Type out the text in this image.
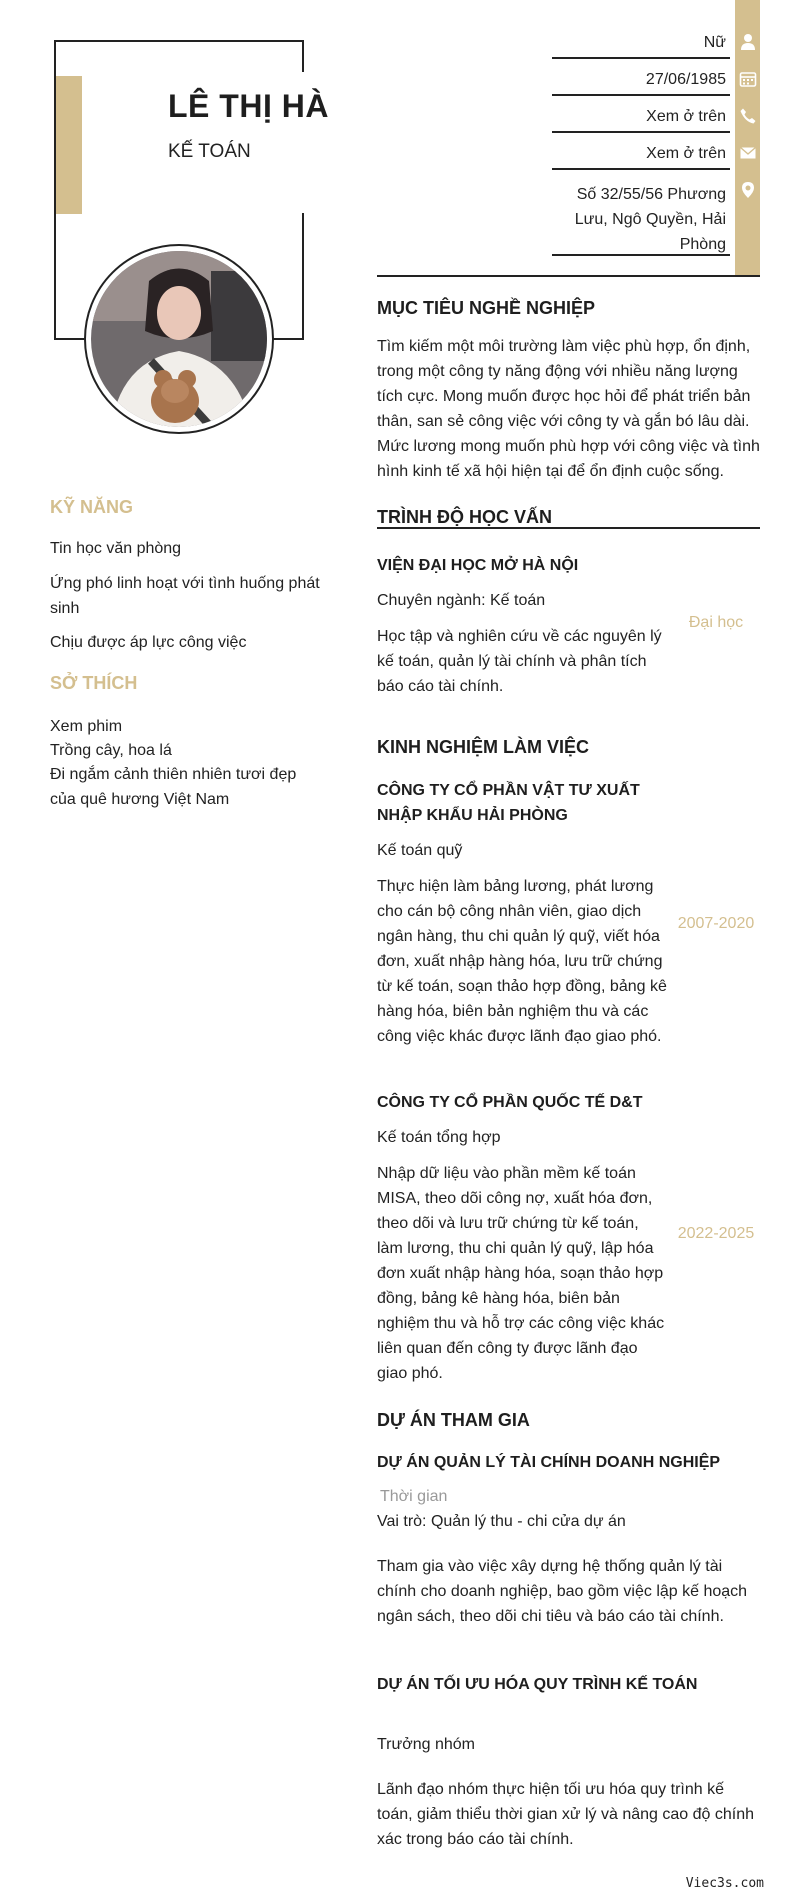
LÊ THỊ HÀ
KẾ TOÁN
Nữ
27/06/1985
Xem ở trên
Xem ở trên
Số 32/55/56 Phương Lưu, Ngô Quyền, Hải Phòng
KỸ NĂNG
Tin học văn phòng
Ứng phó linh hoạt với tình huống phát sinh
Chịu được áp lực công việc
SỞ THÍCH
Xem phim
Trồng cây, hoa lá
Đi ngắm cảnh thiên nhiên tươi đẹp của quê hương Việt Nam
MỤC TIÊU NGHỀ NGHIỆP
Tìm kiếm một môi trường làm việc phù hợp, ổn định, trong một công ty năng động với nhiều năng lượng tích cực. Mong muốn được học hỏi để phát triển bản thân, san sẻ công việc với công ty và gắn bó lâu dài. Mức lương mong muốn phù hợp với công việc và tình hình kinh tế xã hội hiện tại để ổn định cuộc sống.
TRÌNH ĐỘ HỌC VẤN
VIỆN ĐẠI HỌC MỞ HÀ NỘI
Chuyên ngành: Kế toán
Học tập và nghiên cứu về các nguyên lý kế toán, quản lý tài chính và phân tích báo cáo tài chính.
Đại học
KINH NGHIỆM LÀM VIỆC
CÔNG TY CỔ PHẦN VẬT TƯ XUẤT NHẬP KHẨU HẢI PHÒNG
Kế toán quỹ
Thực hiện làm bảng lương, phát lương cho cán bộ công nhân viên, giao dịch ngân hàng, thu chi quản lý quỹ, viết hóa đơn, xuất nhập hàng hóa, lưu trữ chứng từ kế toán, soạn thảo hợp đồng, bảng kê hàng hóa, biên bản nghiệm thu và các công việc khác được lãnh đạo giao phó.
2007-2020
CÔNG TY CỔ PHẦN QUỐC TẾ D&T
Kế toán tổng hợp
Nhập dữ liệu vào phần mềm kế toán MISA, theo dõi công nợ, xuất hóa đơn, theo dõi và lưu trữ chứng từ kế toán, làm lương, thu chi quản lý quỹ, lập hóa đơn xuất nhập hàng hóa, soạn thảo hợp đồng, bảng kê hàng hóa, biên bản nghiệm thu và hỗ trợ các công việc khác liên quan đến công ty được lãnh đạo giao phó.
2022-2025
DỰ ÁN THAM GIA
DỰ ÁN QUẢN LÝ TÀI CHÍNH DOANH NGHIỆP
Thời gian
Vai trò: Quản lý thu - chi cửa dự án
Tham gia vào việc xây dựng hệ thống quản lý tài chính cho doanh nghiệp, bao gồm việc lập kế hoạch ngân sách, theo dõi chi tiêu và báo cáo tài chính.
DỰ ÁN TỐI ƯU HÓA QUY TRÌNH KẾ TOÁN
Trưởng nhóm
Lãnh đạo nhóm thực hiện tối ưu hóa quy trình kế toán, giảm thiểu thời gian xử lý và nâng cao độ chính xác trong báo cáo tài chính.
Viec3s.com
